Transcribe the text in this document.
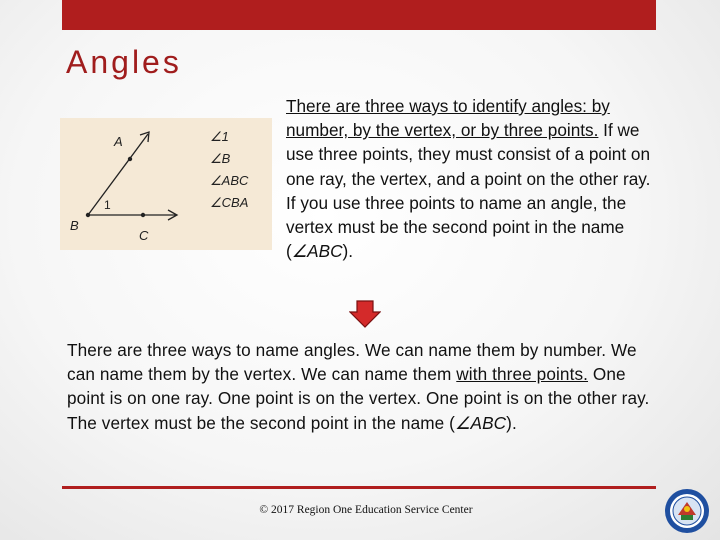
Angles
A
B
C
1
∠1
∠B
∠ABC
∠CBA

There are three ways to identify angles: by number, by the vertex, or by three points. If we use three points, they must consist of a point on one ray, the vertex, and a point on the other ray. If you use three points to name an angle, the vertex must be the second point in the name (∠ABC).

There are three ways to name angles. We can name them by number. We can name them by the vertex. We can name them with three points. One point is on one ray. One point is on the vertex. One point is on the other ray. The vertex must be the second point in the name (∠ABC).

© 2017 Region One Education Service Center
